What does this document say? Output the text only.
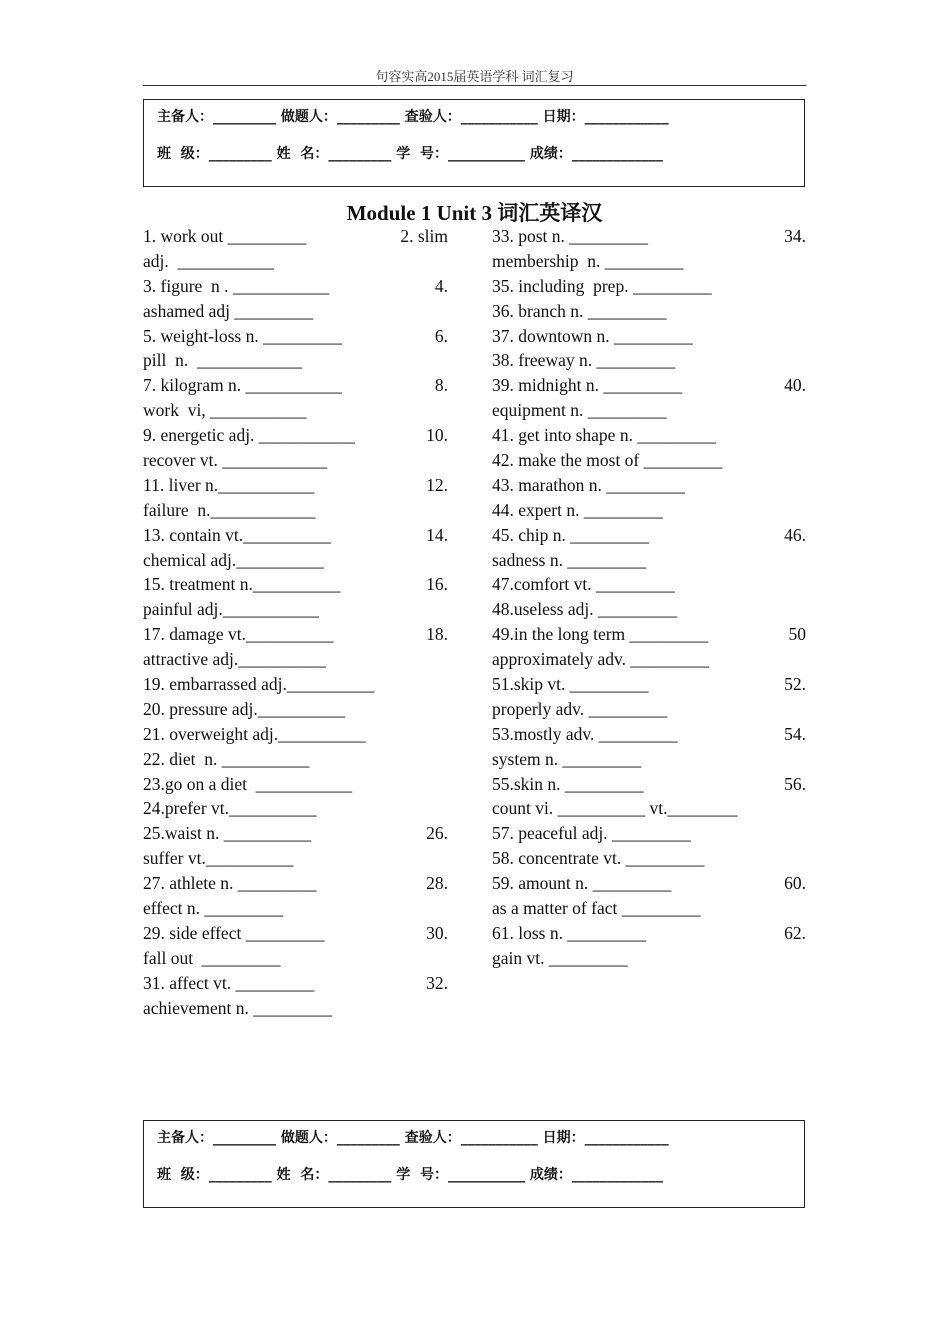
句容实高2015届英语学科 词汇复习
主备人：_________ 做题人：_________ 查验人：___________ 日期：____________
班  级：_________ 姓  名：_________ 学  号：___________ 成绩：_____________
Module 1 Unit 3 词汇英译汉
1. work out _________	2. slim
adj.  ___________
3. figure  n . ___________	4.
ashamed adj _________
5. weight-loss n. _________	6.
pill  n.  ____________
7. kilogram n. ___________	8.
work  vi, ___________
9. energetic adj. ___________	10.
recover vt. ____________
11. liver n.___________	12.
failure  n.____________
13. contain vt.__________	14.
chemical adj.__________
15. treatment n.__________	16.
painful adj.___________
17. damage vt.__________	18.
attractive adj.__________
19. embarrassed adj.__________
20. pressure adj.__________
21. overweight adj.__________
22. diet  n. __________
23.go on a diet  ___________
24.prefer vt.__________
25.waist n. __________	26.
suffer vt.__________
27. athlete n. _________	28.
effect n. _________
29. side effect _________	30.
fall out  _________
31. affect vt. _________	32.
achievement n. _________
33. post n. _________	34.
membership  n. _________
35. including  prep. _________
36. branch n. _________
37. downtown n. _________
38. freeway n. _________
39. midnight n. _________	40.
equipment n. _________
41. get into shape n. _________
42. make the most of _________
43. marathon n. _________
44. expert n. _________
45. chip n. _________	46.
sadness n. _________
47.comfort vt. _________
48.useless adj. _________
49.in the long term _________	50
approximately adv. _________
51.skip vt. _________	52.
properly adv. _________
53.mostly adv. _________	54.
system n. _________
55.skin n. _________	56.
count vi. __________ vt.________
57. peaceful adj. _________
58. concentrate vt. _________
59. amount n. _________	60.
as a matter of fact _________
61. loss n. _________	62.
gain vt. _________
主备人：_________ 做题人：_________ 查验人：___________ 日期：____________
班  级：_________ 姓  名：_________ 学  号：___________ 成绩：_____________
